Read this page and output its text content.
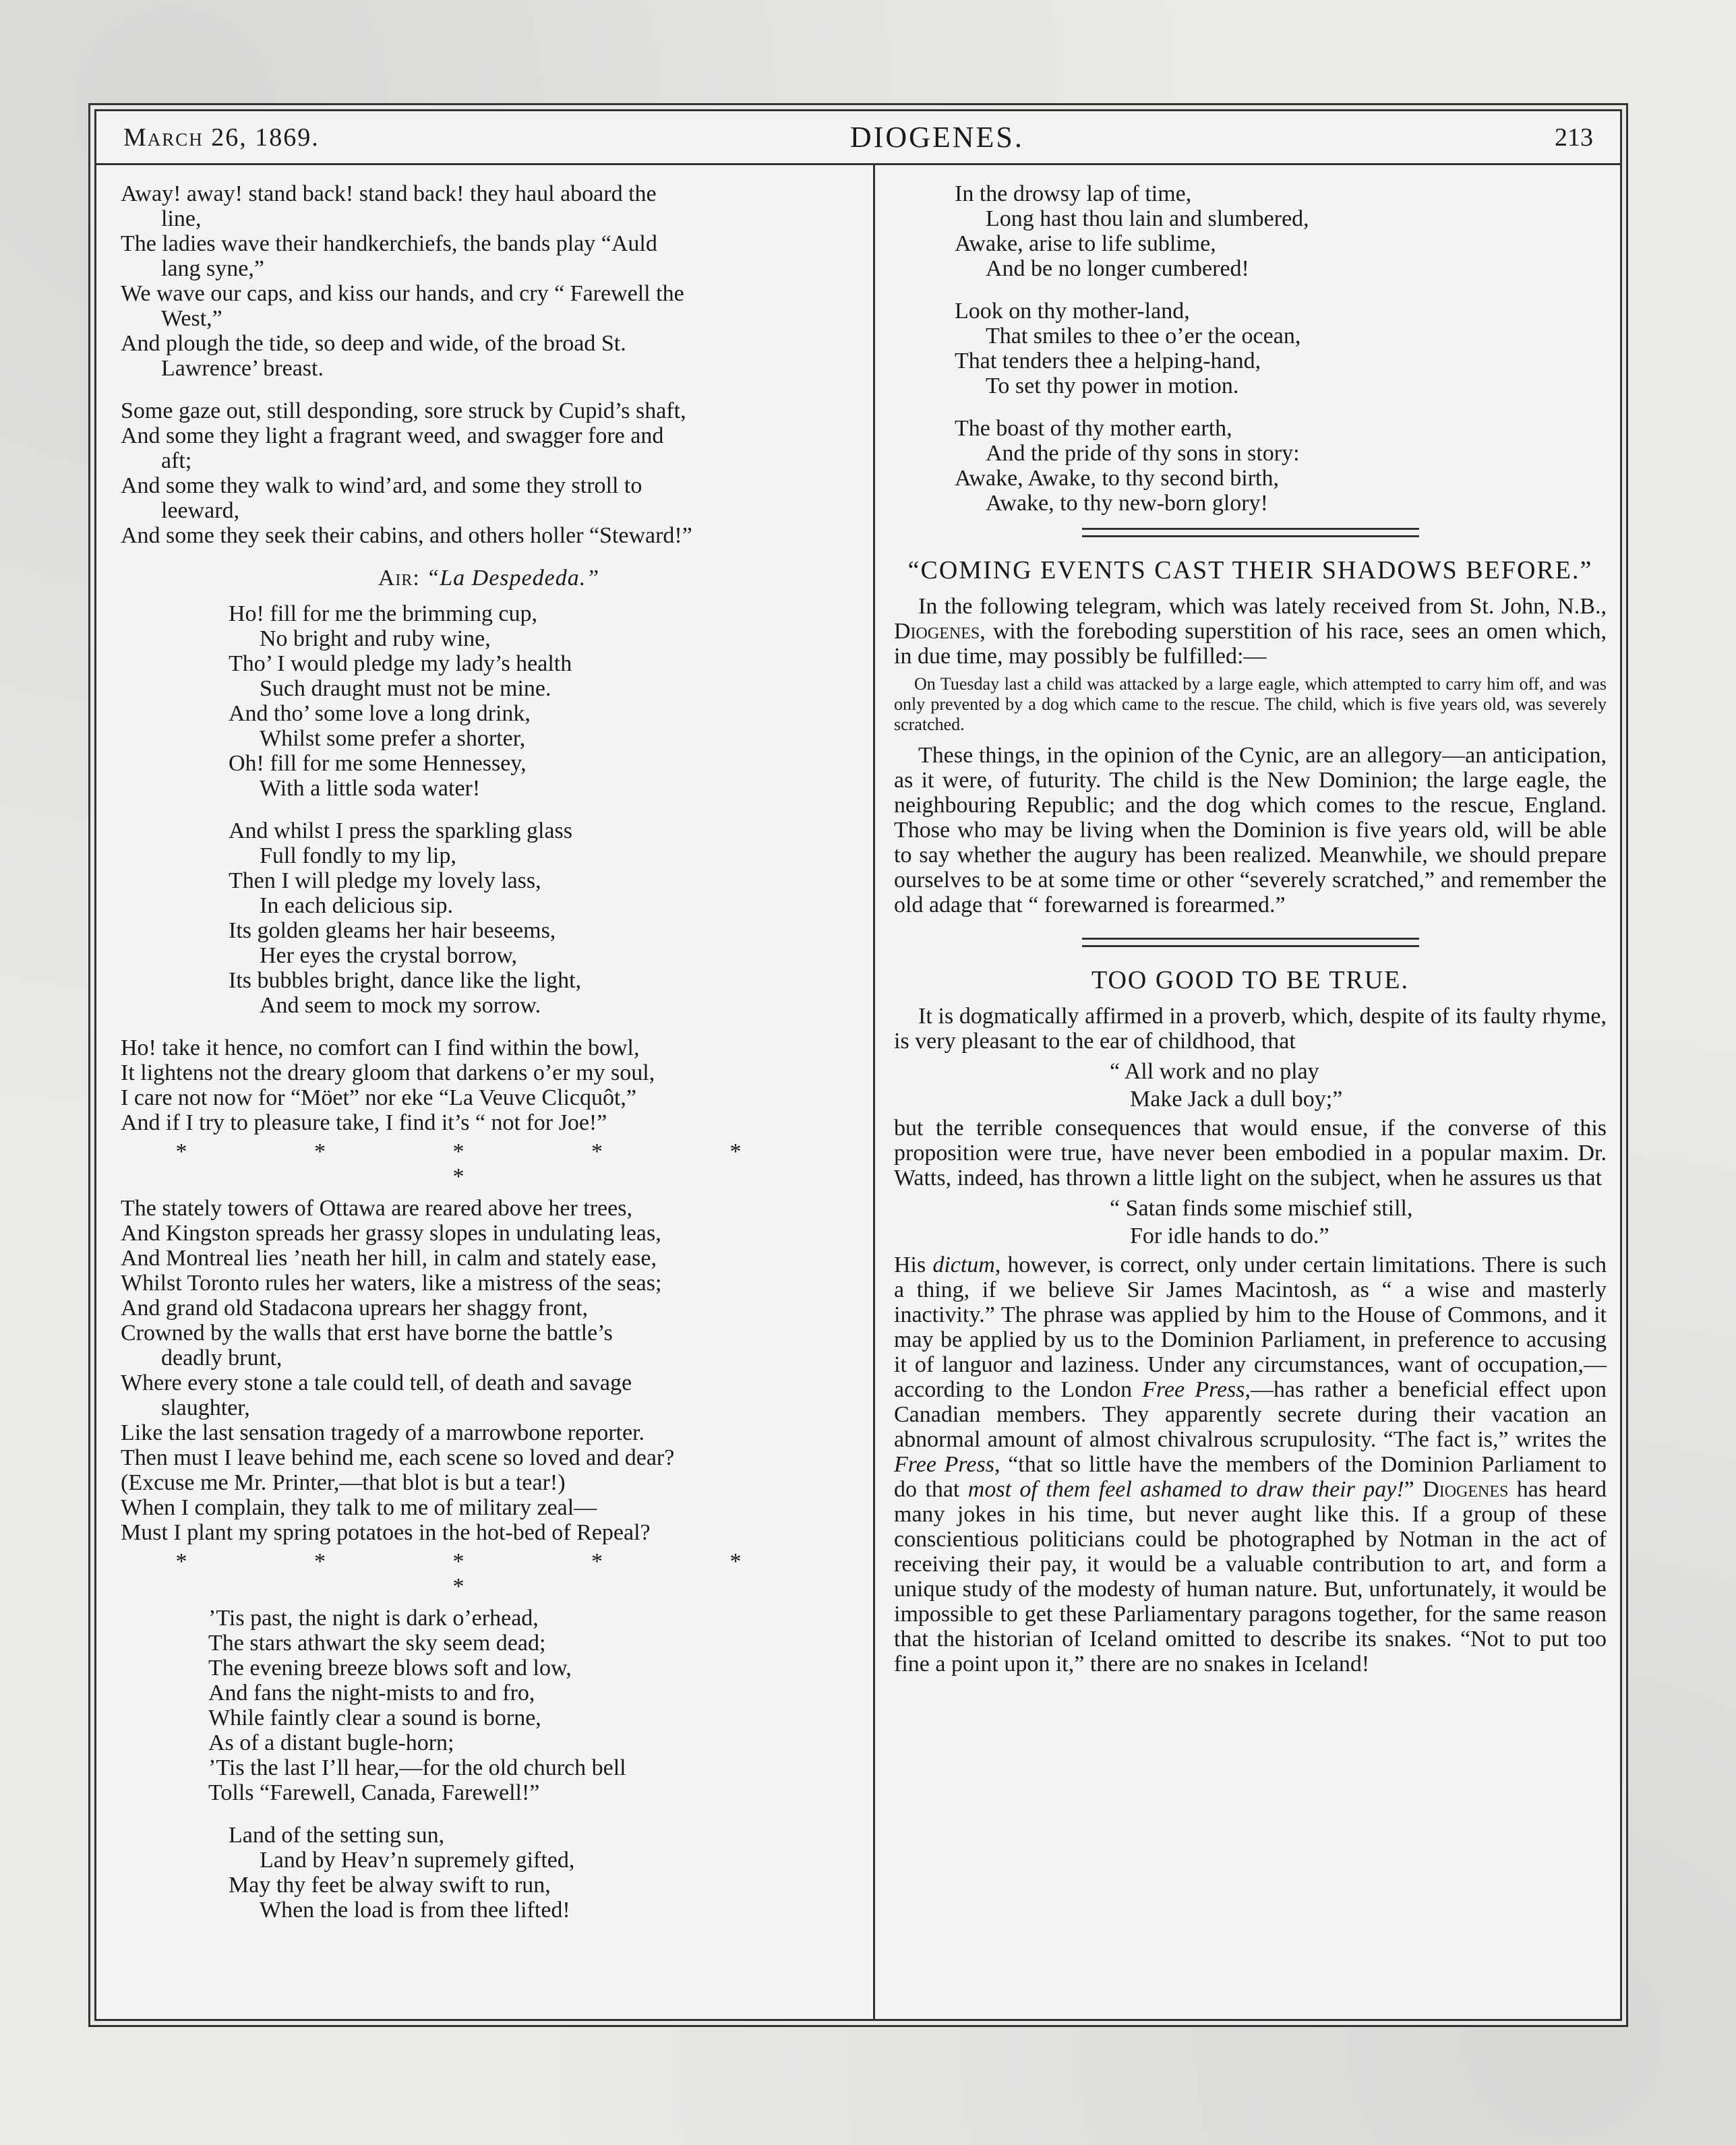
March 26, 1869.	DIOGENES.	213

Away! away! stand back! stand back! they haul aboard the

line,

The ladies wave their handkerchiefs, the bands play “Auld

lang syne,”

We wave our caps, and kiss our hands, and cry “ Farewell the

West,”

And plough the tide, so deep and wide, of the broad St.

Lawrence’ breast.

Some gaze out, still desponding, sore struck by Cupid’s shaft,

And some they light a fragrant weed, and swagger fore and

aft;

And some they walk to wind’ard, and some they stroll to

leeward,

And some they seek their cabins, and others holler “Steward!”

Air: “La Despededa.”

Ho! fill for me the brimming cup,

No bright and ruby wine,

Tho’ I would pledge my lady’s health

Such draught must not be mine.

And tho’ some love a long drink,

Whilst some prefer a shorter,

Oh! fill for me some Hennessey,

With a little soda water!

And whilst I press the sparkling glass

Full fondly to my lip,

Then I will pledge my lovely lass,

In each delicious sip.

Its golden gleams her hair beseems,

Her eyes the crystal borrow,

Its bubbles bright, dance like the light,

And seem to mock my sorrow.

Ho! take it hence, no comfort can I find within the bowl,

It lightens not the dreary gloom that darkens o’er my soul,

I care not now for “Möet” nor eke “La Veuve Clicquôt,”

And if I try to pleasure take, I find it’s “ not for Joe!”

* * * * * *

The stately towers of Ottawa are reared above her trees,

And Kingston spreads her grassy slopes in undulating leas,

And Montreal lies ’neath her hill, in calm and stately ease,

Whilst Toronto rules her waters, like a mistress of the seas;

And grand old Stadacona uprears her shaggy front,

Crowned by the walls that erst have borne the battle’s

deadly brunt,

Where every stone a tale could tell, of death and savage

slaughter,

Like the last sensation tragedy of a marrowbone reporter.

Then must I leave behind me, each scene so loved and dear?

(Excuse me Mr. Printer,—that blot is but a tear!)

When I complain, they talk to me of military zeal—

Must I plant my spring potatoes in the hot-bed of Repeal?

* * * * * *

’Tis past, the night is dark o’erhead,

The stars athwart the sky seem dead;

The evening breeze blows soft and low,

And fans the night-mists to and fro,

While faintly clear a sound is borne,

As of a distant bugle-horn;

’Tis the last I’ll hear,—for the old church bell

Tolls “Farewell, Canada, Farewell!”

Land of the setting sun,

Land by Heav’n supremely gifted,

May thy feet be alway swift to run,

When the load is from thee lifted!

In the drowsy lap of time,

Long hast thou lain and slumbered,

Awake, arise to life sublime,

And be no longer cumbered!

Look on thy mother-land,

That smiles to thee o’er the ocean,

That tenders thee a helping-hand,

To set thy power in motion.

The boast of thy mother earth,

And the pride of thy sons in story:

Awake, Awake, to thy second birth,

Awake, to thy new-born glory!

“COMING EVENTS CAST THEIR SHADOWS BEFORE.”

In the following telegram, which was lately received from St. John, N.B., Diogenes, with the foreboding superstition of his race, sees an omen which, in due time, may possibly be fulfilled:—

On Tuesday last a child was attacked by a large eagle, which attempted to carry him off, and was only prevented by a dog which came to the rescue. The child, which is five years old, was severely scratched.

These things, in the opinion of the Cynic, are an allegory—an anticipation, as it were, of futurity. The child is the New Dominion; the large eagle, the neighbouring Republic; and the dog which comes to the rescue, England. Those who may be living when the Dominion is five years old, will be able to say whether the augury has been realized. Meanwhile, we should prepare ourselves to be at some time or other “severely scratched,” and remember the old adage that “ forewarned is forearmed.”

TOO GOOD TO BE TRUE.

It is dogmatically affirmed in a proverb, which, despite of its faulty rhyme, is very pleasant to the ear of childhood, that

“ All work and no play

Make Jack a dull boy;”

but the terrible consequences that would ensue, if the converse of this proposition were true, have never been embodied in a popular maxim. Dr. Watts, indeed, has thrown a little light on the subject, when he assures us that

“ Satan finds some mischief still,

For idle hands to do.”

His dictum, however, is correct, only under certain limitations. There is such a thing, if we believe Sir James Macintosh, as “ a wise and masterly inactivity.” The phrase was applied by him to the House of Commons, and it may be applied by us to the Dominion Parliament, in preference to accusing it of languor and laziness. Under any circumstances, want of occupation,—according to the London Free Press,—has rather a beneficial effect upon Canadian members. They apparently secrete during their vacation an abnormal amount of almost chivalrous scrupulosity. “The fact is,” writes the Free Press, “that so little have the members of the Dominion Parliament to do that most of them feel ashamed to draw their pay!” Diogenes has heard many jokes in his time, but never aught like this. If a group of these conscientious politicians could be photographed by Notman in the act of receiving their pay, it would be a valuable contribution to art, and form a unique study of the modesty of human nature. But, unfortunately, it would be impossible to get these Parliamentary paragons together, for the same reason that the historian of Iceland omitted to describe its snakes. “Not to put too fine a point upon it,” there are no snakes in Iceland!
